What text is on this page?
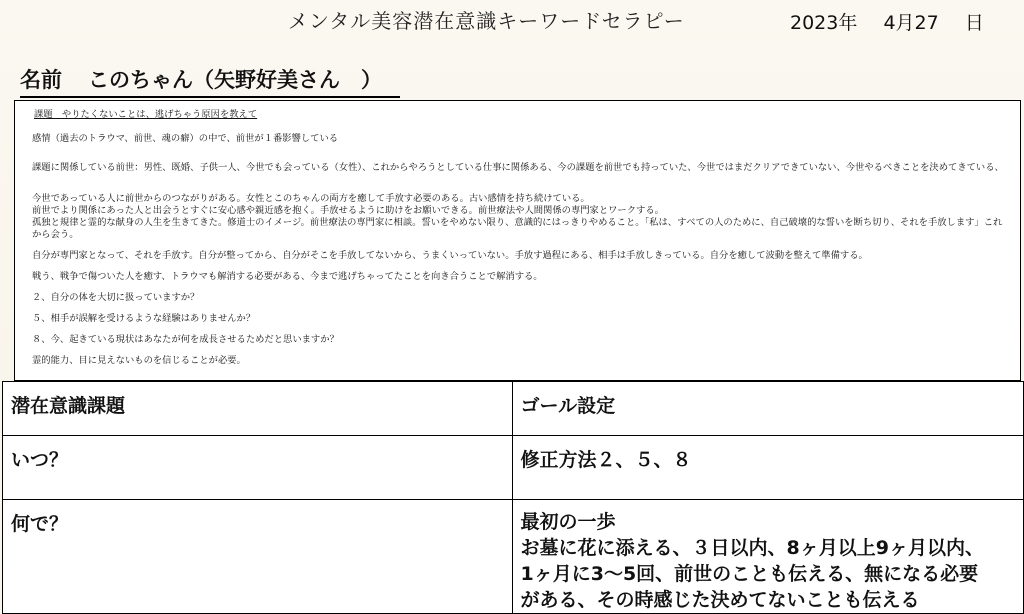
メンタル美容潜在意識キーワードセラピー	2023年 4月27 日
名前 このちゃん（矢野好美さん　）

課題　やりたくないことは、逃げちゃう原因を教えて

感情（過去のトラウマ、前世、魂の癖）の中で、前世が１番影響している

課題に関係している前世：男性、既婚、子供一人、今世でも会っている（女性）、これからやろうとしている仕事に関係ある、今の課題を前世でも持っていた、今世ではまだクリアできていない、今世やるべきことを決めてきている、

今世であっている人に前世からのつながりがある。女性とこのちゃんの両方を癒して手放す必要のある。古い感情を持ち続けている。

前世でより関係にあった人と出会うとすぐに安心感や親近感を抱く。手放せるように助けをお願いできる。前世療法や人間関係の専門家とワークする。

孤独と規律と霊的な献身の人生を生きてきた。修道士のイメージ。前世療法の専門家に相談。誓いをやめない限り、意識的にはっきりやめること。「私は、すべての人のために、自己破壊的な誓いを断ち切り、それを手放します」これから会う。

自分が専門家となって、それを手放す。自分が整ってから、自分がそこを手放してないから、うまくいっていない。手放す過程にある、相手は手放しきっている。自分を癒して波動を整えて準備する。

戦う、戦争で傷ついた人を癒す、トラウマも解消する必要がある、今まで逃げちゃってたことを向き合うことで解消する。

２、自分の体を大切に扱っていますか？

５、相手が誤解を受けるような経験はありませんか？

８、今、起きている現状はあなたが何を成長させるためだと思いますか？

霊的能力、目に見えないものを信じることが必要。

潜在意識課題	ゴール設定
いつ？	修正方法２、５、８
何で？	最初の一歩
お墓に花に添える、３日以内、8ヶ月以上9ヶ月以内、
1ヶ月に3〜5回、前世のことも伝える、無になる必要
がある、その時感じた決めてないことも伝える
